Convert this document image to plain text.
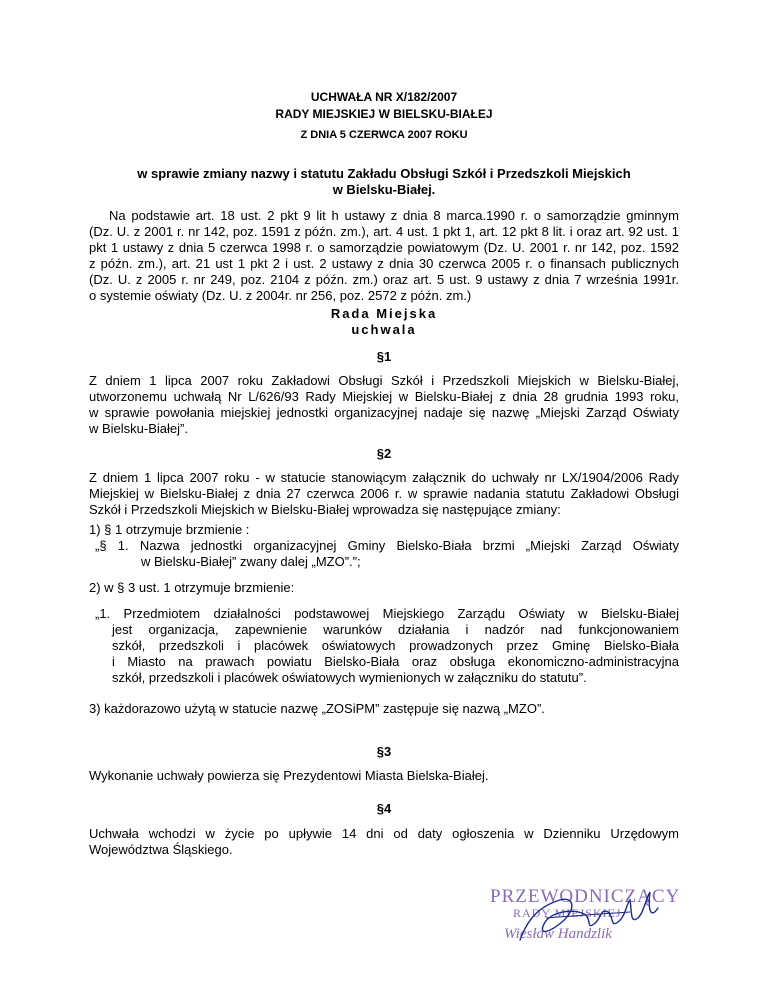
UCHWAŁA NR X/182/2007
RADY MIEJSKIEJ W BIELSKU-BIAŁEJ
Z DNIA 5 CZERWCA 2007 ROKU
w sprawie zmiany nazwy i statutu Zakładu Obsługi Szkół i Przedszkoli Miejskich
w Bielsku-Białej.
Na podstawie art. 18 ust. 2 pkt 9 lit h ustawy z dnia 8 marca.1990 r. o samorządzie gminnym
(Dz. U. z 2001 r. nr 142, poz. 1591 z późn. zm.), art. 4 ust. 1 pkt 1, art. 12 pkt 8 lit. i oraz art. 92 ust. 1
pkt 1 ustawy z dnia 5 czerwca 1998 r. o samorządzie powiatowym (Dz. U. 2001 r. nr 142, poz. 1592
z późn. zm.), art. 21 ust 1 pkt 2 i ust. 2 ustawy z dnia 30 czerwca 2005 r. o finansach publicznych
(Dz. U. z 2005 r. nr 249, poz. 2104 z późn. zm.) oraz art. 5 ust. 9 ustawy z dnia 7 września 1991r.
o systemie oświaty (Dz. U. z 2004r. nr 256, poz. 2572 z późn. zm.)
Rada Miejska
uchwala
§1
Z dniem 1 lipca 2007 roku Zakładowi Obsługi Szkół i Przedszkoli Miejskich w Bielsku-Białej,
utworzonemu uchwałą Nr L/626/93 Rady Miejskiej w Bielsku-Białej z dnia 28 grudnia 1993 roku,
w sprawie powołania miejskiej jednostki organizacyjnej nadaje się nazwę „Miejski Zarząd Oświaty
w Bielsku-Białej”.
§2
Z dniem 1 lipca 2007 roku - w statucie stanowiącym załącznik do uchwały nr LX/1904/2006 Rady
Miejskiej w Bielsku-Białej z dnia 27 czerwca 2006 r. w sprawie nadania statutu Zakładowi Obsługi
Szkół i Przedszkoli Miejskich w Bielsku-Białej wprowadza się następujące zmiany:
1) § 1 otrzymuje brzmienie :
„§ 1. Nazwa jednostki organizacyjnej Gminy Bielsko-Biała brzmi „Miejski Zarząd Oświaty
w Bielsku-Białej” zwany dalej „MZO”.”;
2) w § 3 ust. 1 otrzymuje brzmienie:
„1. Przedmiotem działalności podstawowej Miejskiego Zarządu Oświaty w Bielsku-Białej
jest organizacja, zapewnienie warunków działania i nadzór nad funkcjonowaniem
szkół, przedszkoli i placówek oświatowych prowadzonych przez Gminę Bielsko-Biała
i Miasto na prawach powiatu Bielsko-Biała oraz obsługa ekonomiczno-administracyjna
szkół, przedszkoli i placówek oświatowych wymienionych w załączniku do statutu”.
3) każdorazowo użytą w statucie nazwę „ZOSiPM” zastępuje się nazwą „MZO”.
§3
Wykonanie uchwały powierza się Prezydentowi Miasta Bielska-Białej.
§4
Uchwała wchodzi w życie po upływie 14 dni od daty ogłoszenia w Dzienniku Urzędowym
Województwa Śląskiego.
PRZEWODNICZĄCY
RADY MIEJSKIEJ
Wiesław Handzlik
